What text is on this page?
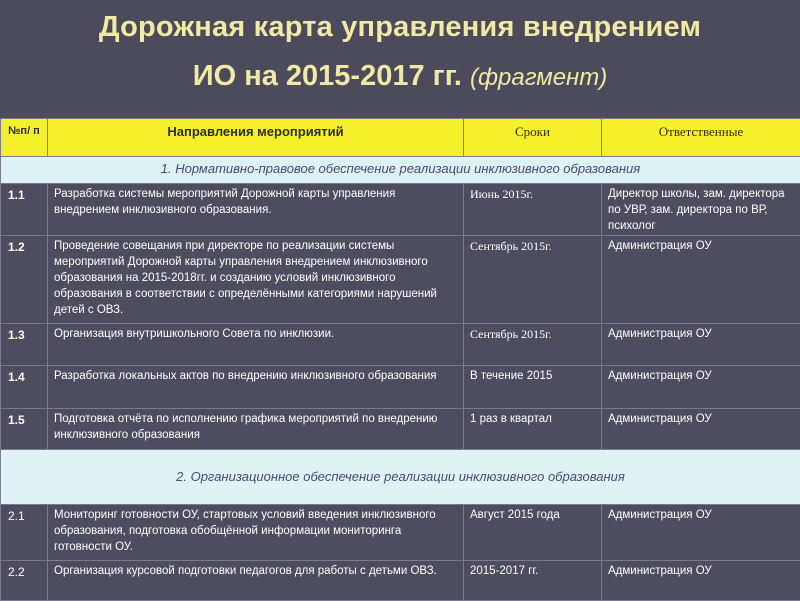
Дорожная карта управления внедрением
ИО на 2015-2017 гг. (фрагмент)
№п/ п	Направления мероприятий	Сроки	Ответственные

1. Нормативно-правовое обеспечение реализации инклюзивного образования			

1.1	Разработка системы мероприятий Дорожной карты управления внедрением инклюзивного образования.	Июнь 2015г.	Директор школы, зам. директора по УВР, зам. директора по ВР, психолог

1.2	Проведение совещания при директоре по реализации системы мероприятий Дорожной карты управления внедрением инклюзивного образования на 2015-2018гг. и созданию условий инклюзивного образования в соответствии с определёнными категориями нарушений детей с ОВЗ.	Сентябрь 2015г.	Администрация ОУ

1.3	Организация внутришкольного Совета по инклюзии.	Сентябрь 2015г.	Администрация ОУ

1.4	Разработка локальных актов по внедрению инклюзивного образования	В течение 2015	Администрация ОУ

1.5	Подготовка отчёта по исполнению графика мероприятий по внедрению инклюзивного образования	1 раз в квартал	Администрация ОУ

2. Организационное обеспечение реализации инклюзивного образования			

2.1	Мониторинг готовности ОУ, стартовых условий введения инклюзивного образования, подготовка обобщённой информации мониторинга готовности ОУ.	Август 2015 года	Администрация ОУ

2.2	Организация курсовой подготовки педагогов для работы с детьми ОВЗ.	2015-2017 гг.	Администрация ОУ
